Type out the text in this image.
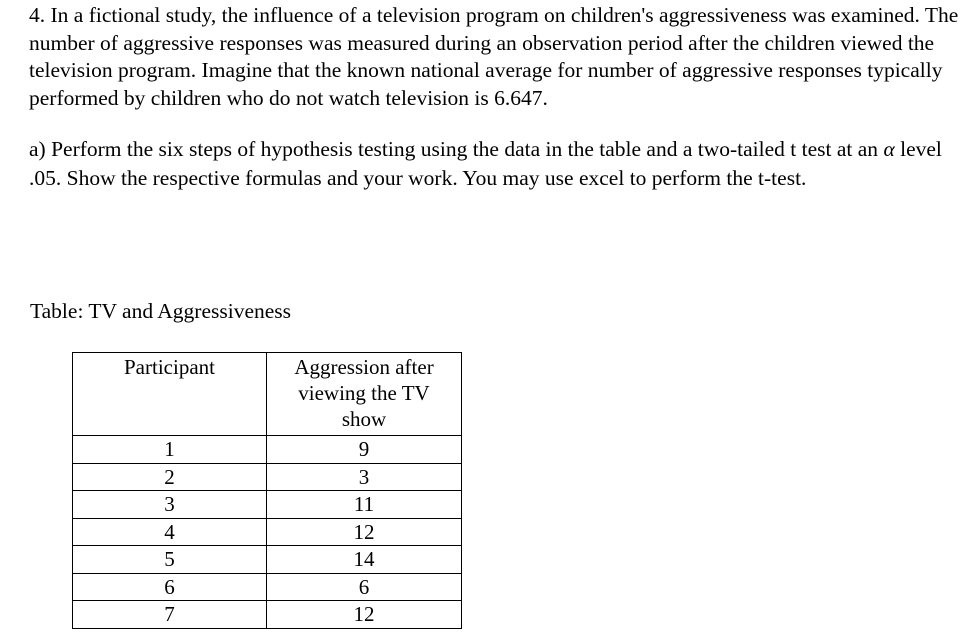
4. In a fictional study, the influence of a television program on children's aggressiveness was examined. The number of aggressive responses was measured during an observation period after the children viewed the television program. Imagine that the known national average for number of aggressive responses typically performed by children who do not watch television is 6.647.

a) Perform the six steps of hypothesis testing using the data in the table and a two-tailed t test at an α level .05. Show the respective formulas and your work. You may use excel to perform the t-test.

Table: TV and Aggressiveness

Participant	Aggression after viewing the TV show
1	9
2	3
3	11
4	12
5	14
6	6
7	12
